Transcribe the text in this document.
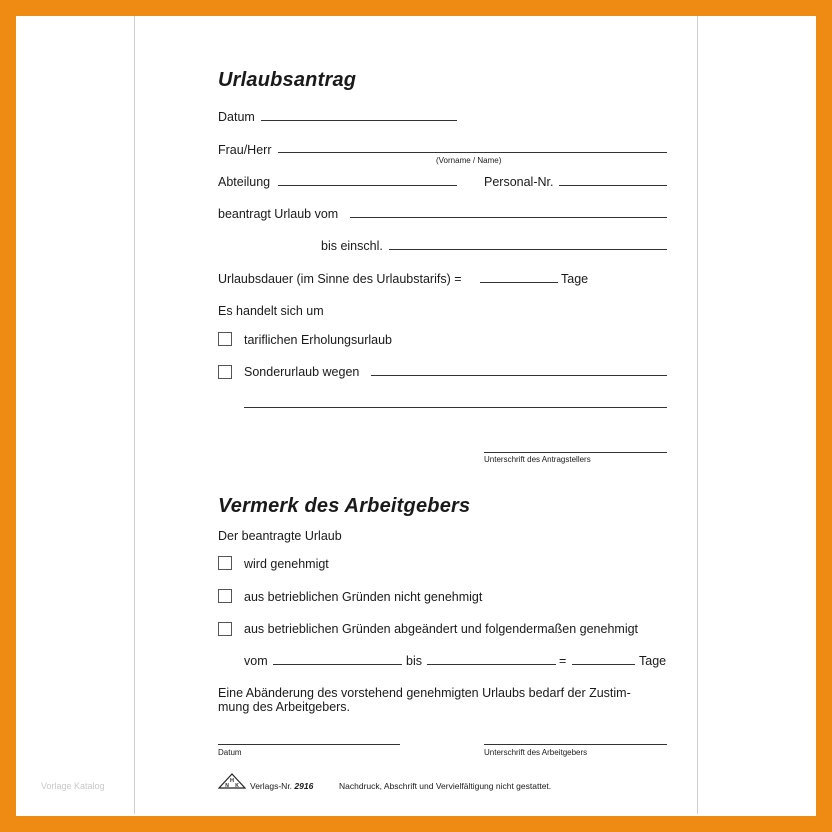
Urlaubsantrag
Datum
Frau/Herr
(Vorname / Name)
Abteilung	Personal-Nr.
beantragt Urlaub vom
bis einschl.
Urlaubsdauer (im Sinne des Urlaubstarifs) =	Tage
Es handelt sich um
tariflichen Erholungsurlaub
Sonderurlaub wegen
Unterschrift des Antragstellers
Vermerk des Arbeitgebers
Der beantragte Urlaub
wird genehmigt
aus betrieblichen Gründen nicht genehmigt
aus betrieblichen Gründen abgeändert und folgendermaßen genehmigt
vom	bis	=	Tage
Eine Abänderung des vorstehend genehmigten Urlaubs bedarf der Zustim-
mung des Arbeitgebers.
Datum	Unterschrift des Arbeitgebers
H
N K Verlags-Nr. 2916	Nachdruck, Abschrift und Vervielfältigung nicht gestattet.
Vorlage Katalog
